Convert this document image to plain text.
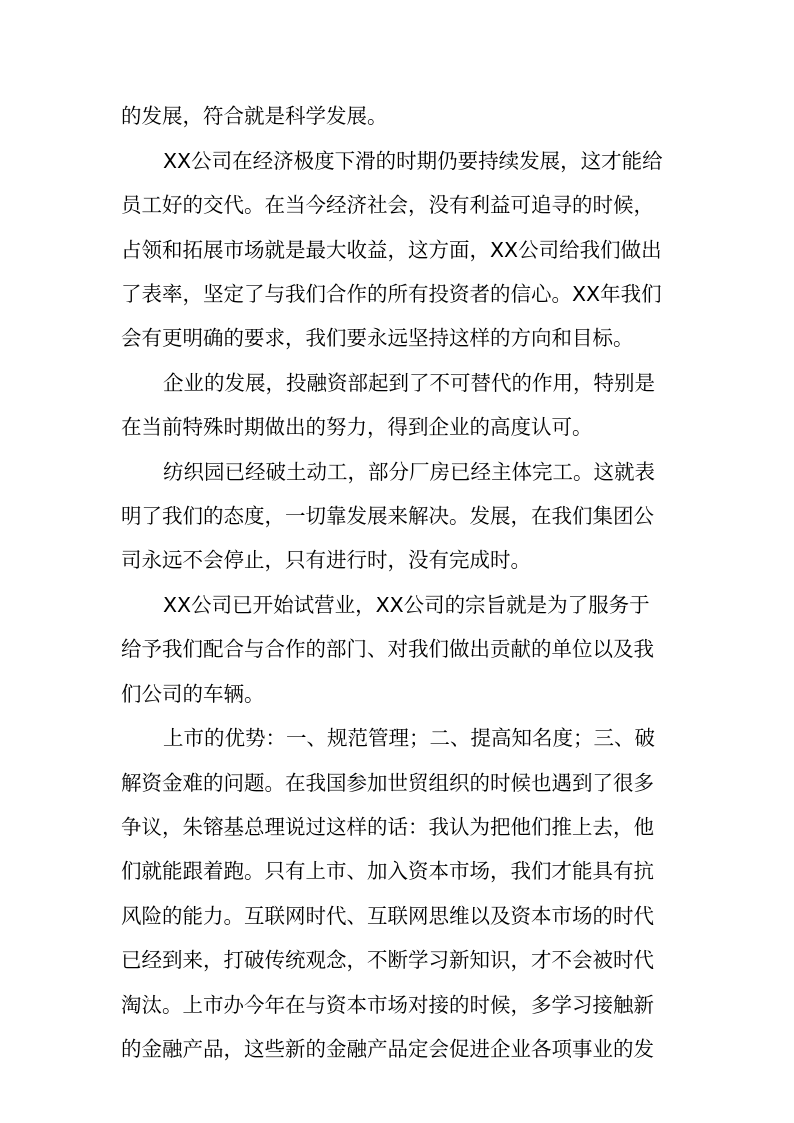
的发展，符合就是科学发展。
XX公司在经济极度下滑的时期仍要持续发展，这才能给
员工好的交代。在当今经济社会，没有利益可追寻的时候，
占领和拓展市场就是最大收益，这方面，XX公司给我们做出
了表率，坚定了与我们合作的所有投资者的信心。XX年我们
会有更明确的要求，我们要永远坚持这样的方向和目标。
企业的发展，投融资部起到了不可替代的作用，特别是
在当前特殊时期做出的努力，得到企业的高度认可。
纺织园已经破土动工，部分厂房已经主体完工。这就表
明了我们的态度，一切靠发展来解决。发展，在我们集团公
司永远不会停止，只有进行时，没有完成时。
XX公司已开始试营业，XX公司的宗旨就是为了服务于
给予我们配合与合作的部门、对我们做出贡献的单位以及我
们公司的车辆。
上市的优势：一、规范管理；二、提高知名度；三、破
解资金难的问题。在我国参加世贸组织的时候也遇到了很多
争议，朱镕基总理说过这样的话：我认为把他们推上去，他
们就能跟着跑。只有上市、加入资本市场，我们才能具有抗
风险的能力。互联网时代、互联网思维以及资本市场的时代
已经到来，打破传统观念，不断学习新知识，才不会被时代
淘汰。上市办今年在与资本市场对接的时候，多学习接触新
的金融产品，这些新的金融产品定会促进企业各项事业的发
